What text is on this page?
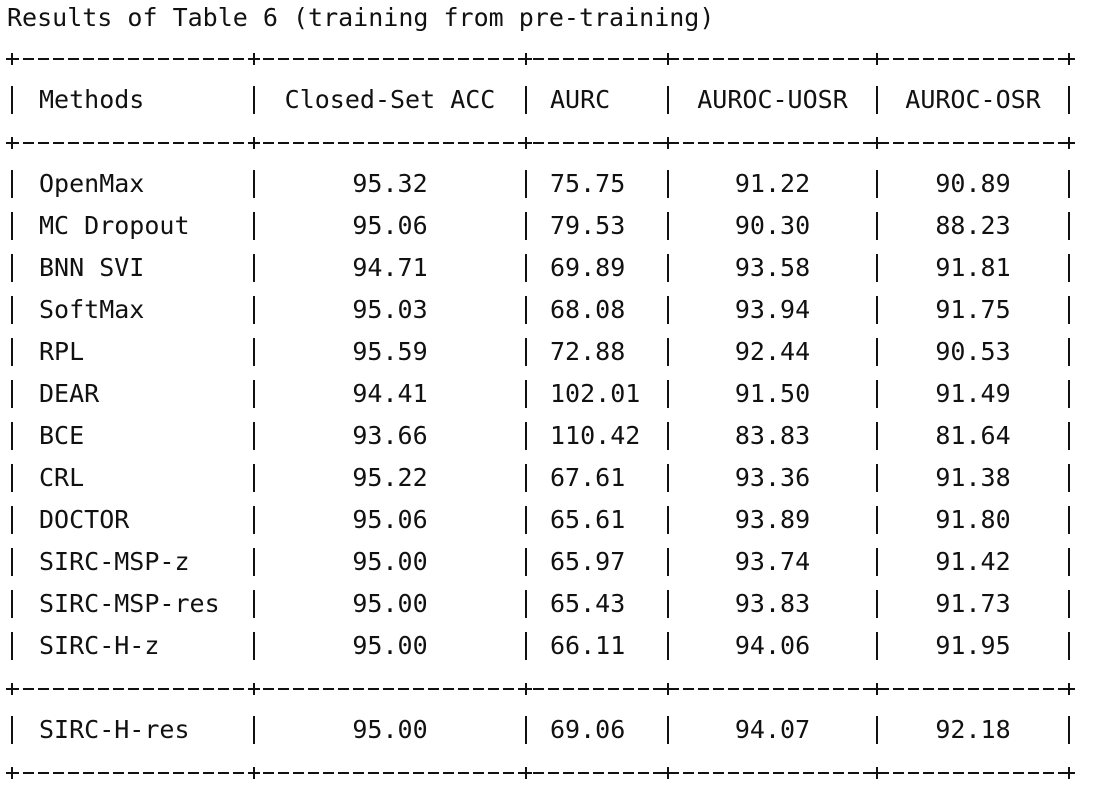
Results of Table 6 (training from pre-training)
Methods	Closed-Set ACC	AURC	AUROC-UOSR	AUROC-OSR
OpenMax	95.32	75.75	91.22	90.89
MC Dropout	95.06	79.53	90.30	88.23
BNN SVI	94.71	69.89	93.58	91.81
SoftMax	95.03	68.08	93.94	91.75
RPL	95.59	72.88	92.44	90.53
DEAR	94.41	102.01	91.50	91.49
BCE	93.66	110.42	83.83	81.64
CRL	95.22	67.61	93.36	91.38
DOCTOR	95.06	65.61	93.89	91.80
SIRC-MSP-z	95.00	65.97	93.74	91.42
SIRC-MSP-res	95.00	65.43	93.83	91.73
SIRC-H-z	95.00	66.11	94.06	91.95
SIRC-H-res	95.00	69.06	94.07	92.18
